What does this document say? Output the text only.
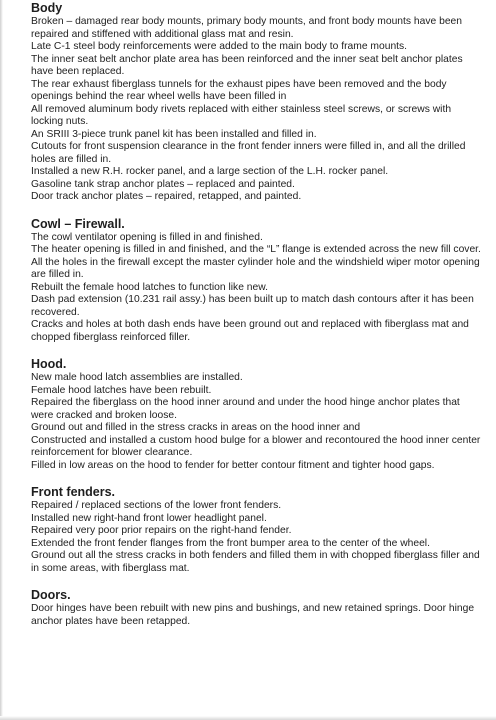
Body

Broken – damaged rear body mounts, primary body mounts, and front body mounts have been repaired and stiffened with additional glass mat and resin.

Late C-1 steel body reinforcements were added to the main body to frame mounts.

The inner seat belt anchor plate area has been reinforced and the inner seat belt anchor plates have been replaced.

The rear exhaust fiberglass tunnels for the exhaust pipes have been removed and the body openings behind the rear wheel wells have been filled in

All removed aluminum body rivets replaced with either stainless steel screws, or screws with locking nuts.

An SRIII 3-piece trunk panel kit has been installed and filled in.

Cutouts for front suspension clearance in the front fender inners were filled in, and all the drilled holes are filled in.

Installed a new R.H. rocker panel, and a large section of the L.H. rocker panel.

Gasoline tank strap anchor plates – replaced and painted.

Door track anchor plates – repaired, retapped, and painted.

Cowl – Firewall.

The cowl ventilator opening is filled in and finished.

The heater opening is filled in and finished, and the “L” flange is extended across the new fill cover.

All the holes in the firewall except the master cylinder hole and the windshield wiper motor opening are filled in.

Rebuilt the female hood latches to function like new.

Dash pad extension (10.231 rail assy.) has been built up to match dash contours after it has been recovered.

Cracks and holes at both dash ends have been ground out and replaced with fiberglass mat and chopped fiberglass reinforced filler.

Hood.

New male hood latch assemblies are installed.

Female hood latches have been rebuilt.

Repaired the fiberglass on the hood inner around and under the hood hinge anchor plates that were cracked and broken loose.

Ground out and filled in the stress cracks in areas on the hood inner and

Constructed and installed a custom hood bulge for a blower and recontoured the hood inner center reinforcement for blower clearance.

Filled in low areas on the hood to fender for better contour fitment and tighter hood gaps.

Front fenders.

Repaired / replaced sections of the lower front fenders.

Installed new right-hand front lower headlight panel.

Repaired very poor prior repairs on the right-hand fender.

Extended the front fender flanges from the front bumper area to the center of the wheel.

Ground out all the stress cracks in both fenders and filled them in with chopped fiberglass filler and in some areas, with fiberglass mat.

Doors.

Door hinges have been rebuilt with new pins and bushings, and new retained springs. Door hinge anchor plates have been retapped.
